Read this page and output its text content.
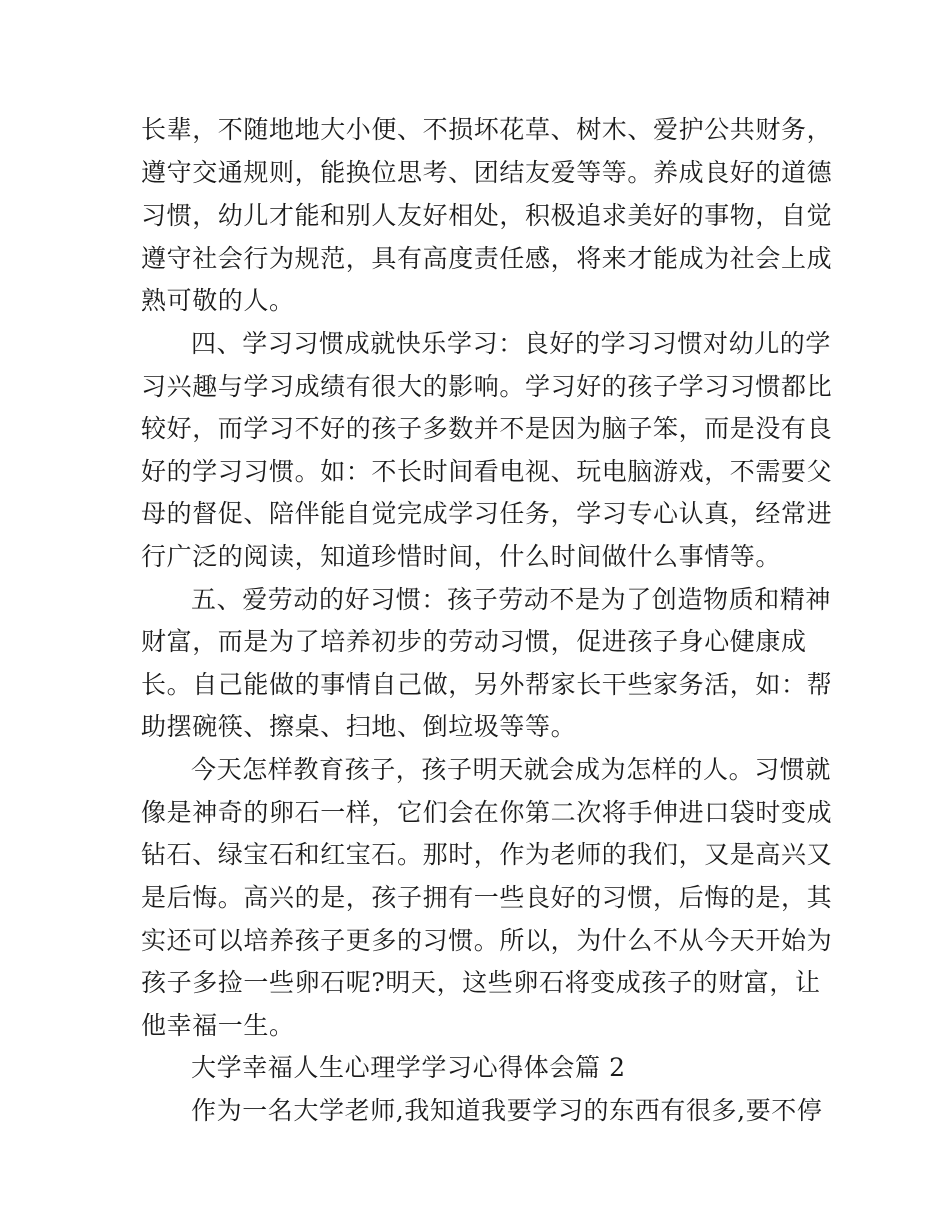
长辈，不随地地大小便、不损坏花草、树木、爱护公共财务，

遵守交通规则，能换位思考、团结友爱等等。养成良好的道德

习惯，幼儿才能和别人友好相处，积极追求美好的事物，自觉

遵守社会行为规范，具有高度责任感，将来才能成为社会上成

熟可敬的人。

四、学习习惯成就快乐学习：良好的学习习惯对幼儿的学

习兴趣与学习成绩有很大的影响。学习好的孩子学习习惯都比

较好，而学习不好的孩子多数并不是因为脑子笨，而是没有良

好的学习习惯。如：不长时间看电视、玩电脑游戏，不需要父

母的督促、陪伴能自觉完成学习任务，学习专心认真，经常进

行广泛的阅读，知道珍惜时间，什么时间做什么事情等。

五、爱劳动的好习惯：孩子劳动不是为了创造物质和精神

财富，而是为了培养初步的劳动习惯，促进孩子身心健康成

长。自己能做的事情自己做，另外帮家长干些家务活，如：帮

助摆碗筷、擦桌、扫地、倒垃圾等等。

今天怎样教育孩子，孩子明天就会成为怎样的人。习惯就

像是神奇的卵石一样，它们会在你第二次将手伸进口袋时变成

钻石、绿宝石和红宝石。那时，作为老师的我们，又是高兴又

是后悔。高兴的是，孩子拥有一些良好的习惯，后悔的是，其

实还可以培养孩子更多的习惯。所以，为什么不从今天开始为

孩子多捡一些卵石呢?明天，这些卵石将变成孩子的财富，让

他幸福一生。

大学幸福人生心理学学习心得体会篇 2

作为一名大学老师,我知道我要学习的东西有很多,要不停
